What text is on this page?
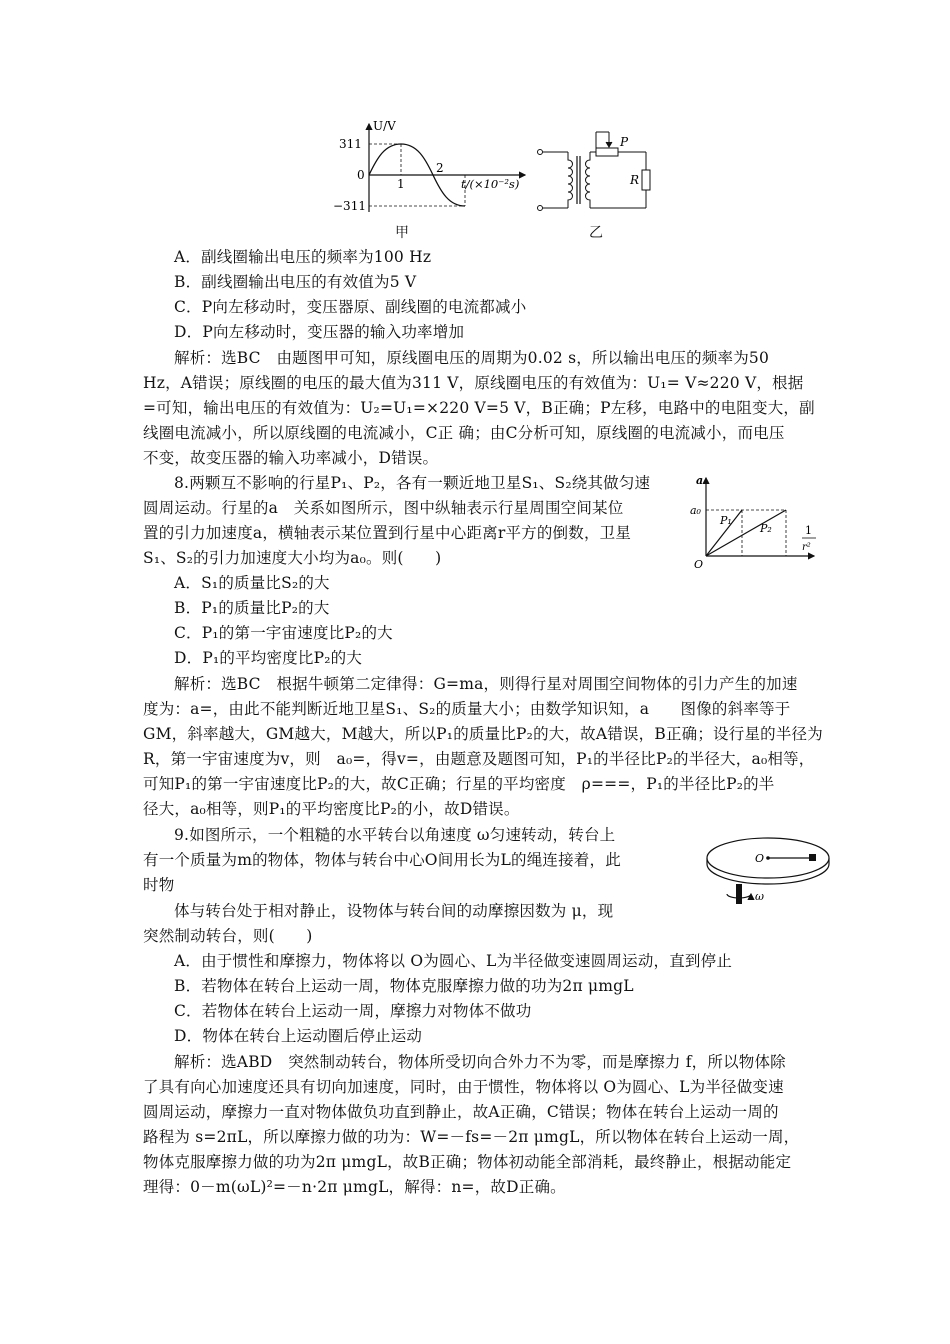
U/V
311
0
−311
1
2
t/(×10⁻²s)
P
R
甲	乙
A．副线圈输出电压的频率为100 Hz
B．副线圈输出电压的有效值为5 V
C．P向左移动时，变压器原、副线圈的电流都减小
D．P向左移动时，变压器的输入功率增加
解析：选BC　由题图甲可知，原线圈电压的周期为0.02 s，所以输出电压的频率为50
Hz，A错误；原线圈的电压的最大值为311 V，原线圈电压的有效值为：U₁= V≈220 V，根据
=可知，输出电压的有效值为：U₂=U₁=×220 V=5 V，B正确；P左移，电路中的电阻变大，副
线圈电流减小，所以原线圈的电流减小，C正 确；由C分析可知，原线圈的电流减小，而电压
不变，故变压器的输入功率减小，D错误。
8.两颗互不影响的行星P₁、P₂，各有一颗近地卫星S₁、S₂绕其做匀速
圆周运动。行星的a　关系如图所示，图中纵轴表示行星周围空间某位
置的引力加速度a，横轴表示某位置到行星中心距离r平方的倒数，卫星
S₁、S₂的引力加速度大小均为a₀。则(　　)
a
a₀
P₁
P₂	1
r²
O
A．S₁的质量比S₂的大
B．P₁的质量比P₂的大
C．P₁的第一宇宙速度比P₂的大
D．P₁的平均密度比P₂的大
解析：选BC　根据牛顿第二定律得：G=ma，则得行星对周围空间物体的引力产生的加速
度为：a=，由此不能判断近地卫星S₁、S₂的质量大小；由数学知识知，a　　图像的斜率等于
GM，斜率越大，GM越大，M越大，所以P₁的质量比P₂的大，故A错误，B正确；设行星的半径为
R，第一宇宙速度为v，则　a₀=，得v=，由题意及题图可知，P₁的半径比P₂的半径大，a₀相等，
可知P₁的第一宇宙速度比P₂的大，故C正确；行星的平均密度　ρ===，P₁的半径比P₂的半
径大，a₀相等，则P₁的平均密度比P₂的小，故D错误。
9.如图所示，一个粗糙的水平转台以角速度 ω匀速转动，转台上
有一个质量为m的物体，物体与转台中心O间用长为L的绳连接着，此
时物
体与转台处于相对静止，设物体与转台间的动摩擦因数为 μ，现
突然制动转台，则(　　)
O
ω
A．由于惯性和摩擦力，物体将以 O为圆心、L为半径做变速圆周运动，直到停止
B．若物体在转台上运动一周，物体克服摩擦力做的功为2π μmgL
C．若物体在转台上运动一周，摩擦力对物体不做功
D．物体在转台上运动圈后停止运动
解析：选ABD　突然制动转台，物体所受切向合外力不为零，而是摩擦力 f，所以物体除
了具有向心加速度还具有切向加速度，同时，由于惯性，物体将以 O为圆心、L为半径做变速
圆周运动，摩擦力一直对物体做负功直到静止，故A正确，C错误；物体在转台上运动一周的
路程为 s=2πL，所以摩擦力做的功为：W=－fs=－2π μmgL，所以物体在转台上运动一周，
物体克服摩擦力做的功为2π μmgL，故B正确；物体初动能全部消耗，最终静止，根据动能定
理得：0－m(ωL)²=－n·2π μmgL，解得：n=，故D正确。
